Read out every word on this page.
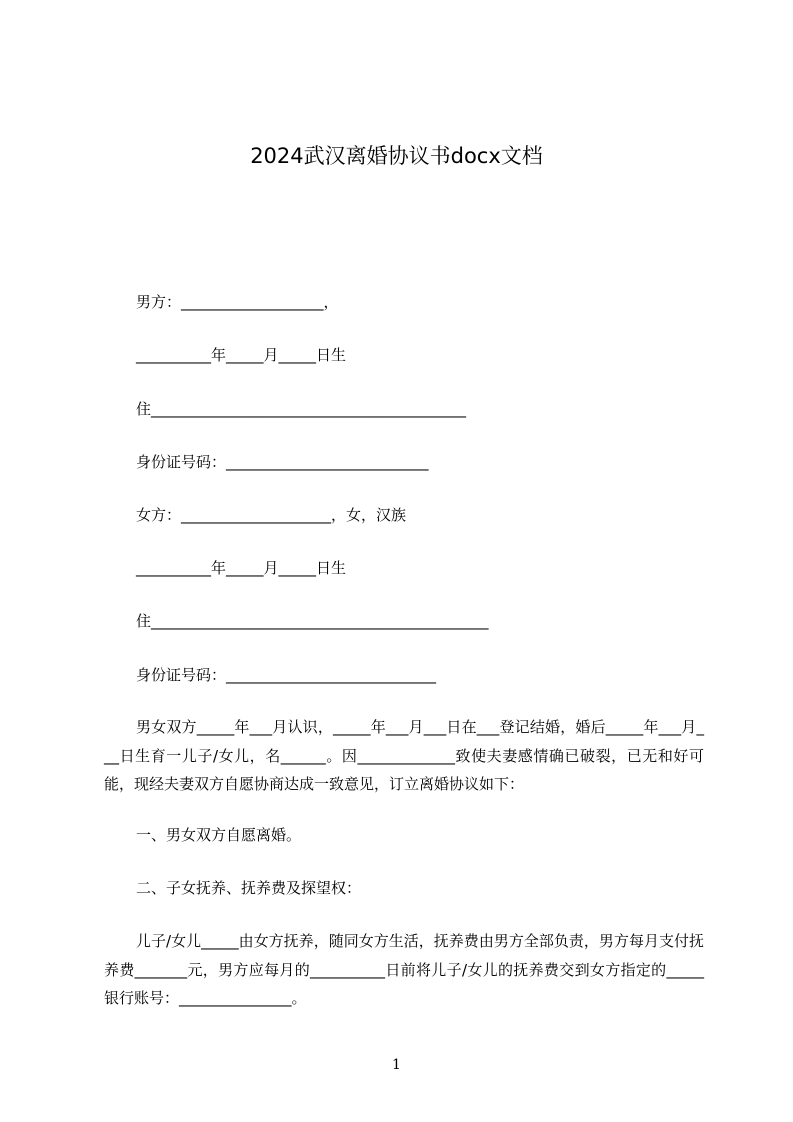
2024武汉离婚协议书docx文档
男方：___________________，
__________年_____月_____日生
住__________________________________________
身份证号码：___________________________
女方：____________________，女，汉族
__________年_____月_____日生
住_____________________________________________
身份证号码：____________________________
男女双方_____年___月认识，_____年___月___日在___登记结婚，婚后_____年___月___日生育一儿子/女儿，名______。因_____________致使夫妻感情确已破裂，已无和好可能，现经夫妻双方自愿协商达成一致意见，订立离婚协议如下：
一、男女双方自愿离婚。
二、子女抚养、抚养费及探望权：
儿子/女儿_____由女方抚养，随同女方生活，抚养费由男方全部负责，男方每月支付抚养费_______元，男方应每月的__________日前将儿子/女儿的抚养费交到女方指定的_____银行账号：_______________。
1
